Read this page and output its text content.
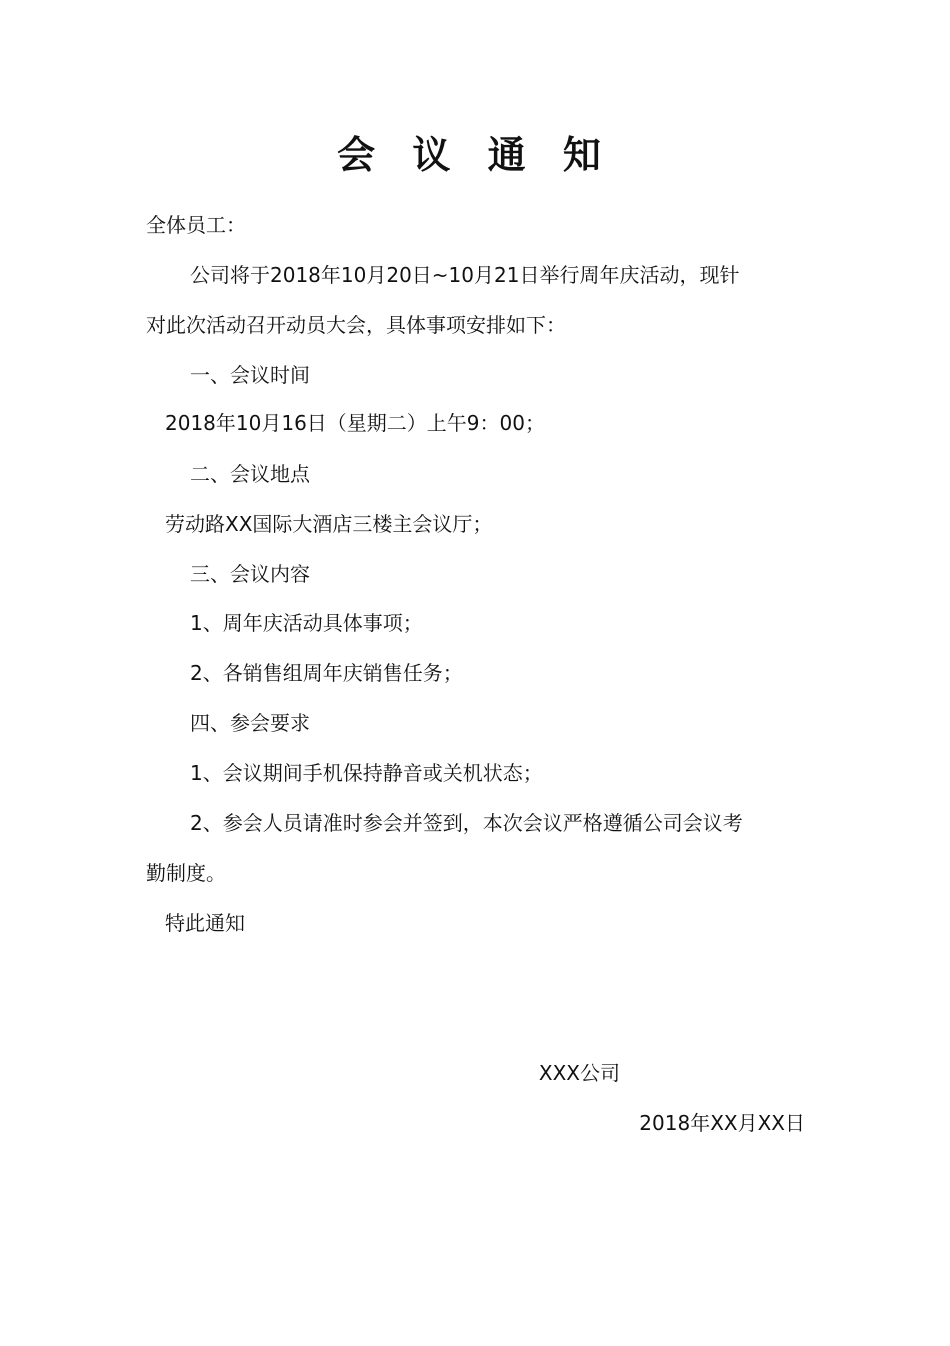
会 议 通 知
全体员工：
公司将于2018年10月20日~10月21日举行周年庆活动，现针
对此次活动召开动员大会，具体事项安排如下：
一、会议时间
2018年10月16日（星期二）上午9：00；
二、会议地点
劳动路XX国际大酒店三楼主会议厅；
三、会议内容
1、周年庆活动具体事项；
2、各销售组周年庆销售任务；
四、参会要求
1、会议期间手机保持静音或关机状态；
2、参会人员请准时参会并签到，本次会议严格遵循公司会议考
勤制度。
特此通知
XXX公司
2018年XX月XX日
